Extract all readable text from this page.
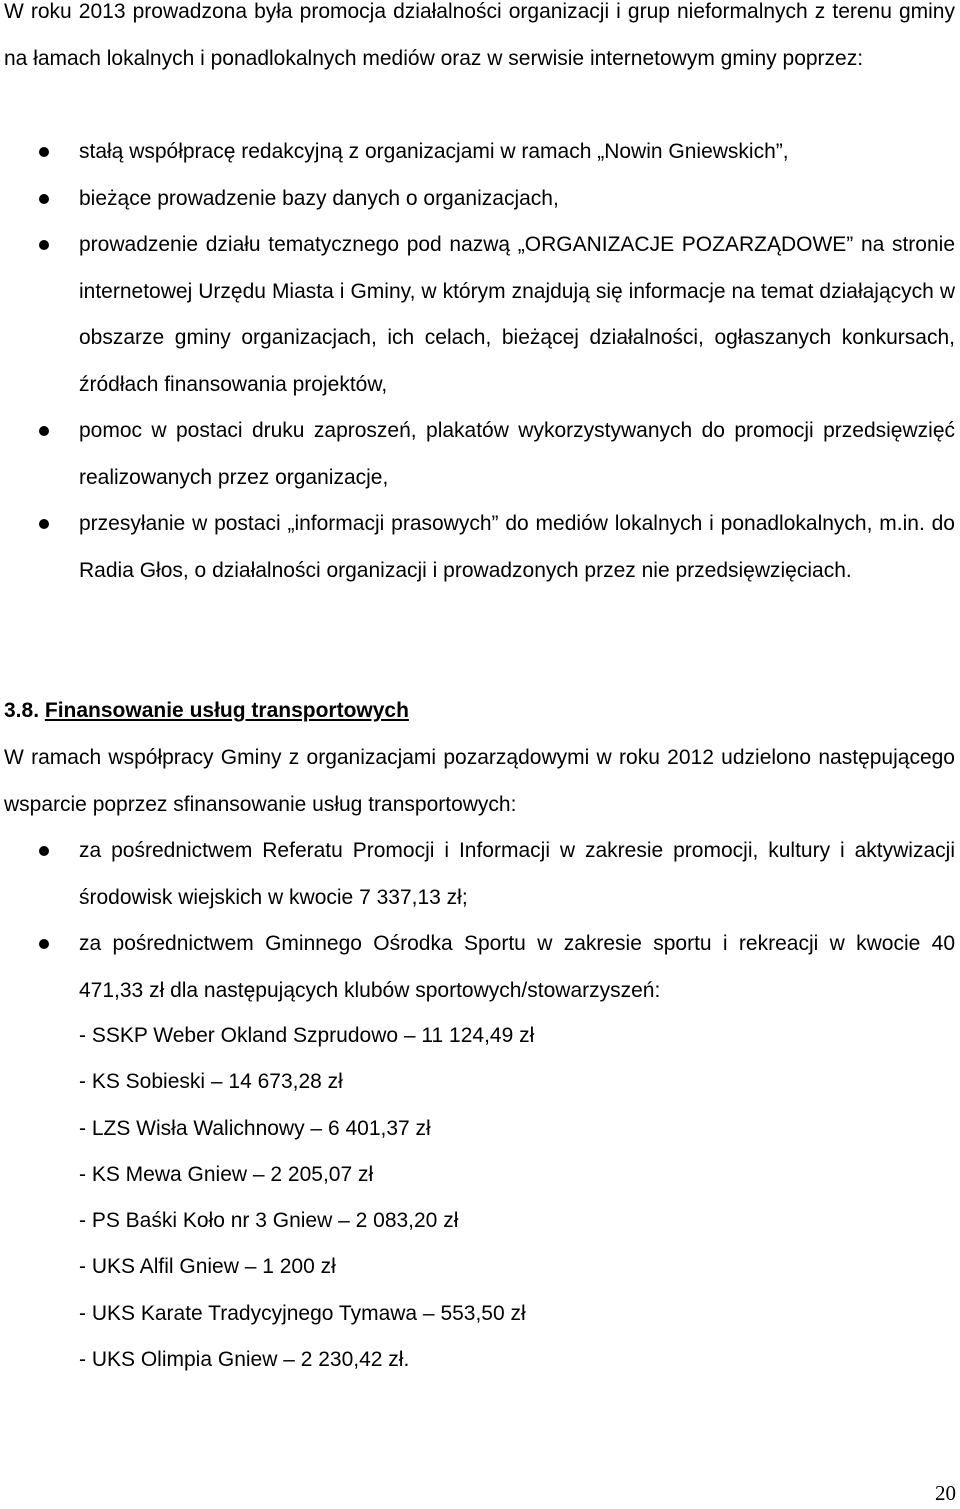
W roku 2013 prowadzona była promocja działalności organizacji i grup nieformalnych z terenu gminy na łamach lokalnych i ponadlokalnych mediów oraz w serwisie internetowym gminy poprzez:

stałą współpracę redakcyjną z organizacjami w ramach „Nowin Gniewskich”,
bieżące prowadzenie bazy danych o organizacjach,
prowadzenie działu tematycznego pod nazwą „ORGANIZACJE POZARZĄDOWE” na stronie internetowej Urzędu Miasta i Gminy, w którym znajdują się informacje na temat działających w obszarze gminy organizacjach, ich celach, bieżącej działalności, ogłaszanych konkursach, źródłach finansowania projektów,
pomoc w postaci druku zaproszeń, plakatów wykorzystywanych do promocji przedsięwzięć realizowanych przez organizacje,
przesyłanie w postaci „informacji prasowych” do mediów lokalnych i ponadlokalnych, m.in. do Radia Głos, o działalności organizacji i prowadzonych przez nie przedsięwzięciach.
3.8. Finansowanie usług transportowych

W ramach współpracy Gminy z organizacjami pozarządowymi w roku 2012 udzielono następującego wsparcie poprzez sfinansowanie usług transportowych:

za pośrednictwem Referatu Promocji i Informacji w zakresie promocji, kultury i aktywizacji środowisk wiejskich w kwocie 7 337,13 zł;
za pośrednictwem Gminnego Ośrodka Sportu w zakresie sportu i rekreacji w kwocie 40 471,33 zł dla następujących klubów sportowych/stowarzyszeń:
- SSKP Weber Okland Szprudowo – 11 124,49 zł
- KS Sobieski – 14 673,28 zł
- LZS Wisła Walichnowy – 6 401,37 zł
- KS Mewa Gniew – 2 205,07 zł
- PS Baśki Koło nr 3 Gniew – 2 083,20 zł
- UKS Alfil Gniew – 1 200 zł
- UKS Karate Tradycyjnego Tymawa – 553,50 zł
- UKS Olimpia Gniew – 2 230,42 zł.
20
